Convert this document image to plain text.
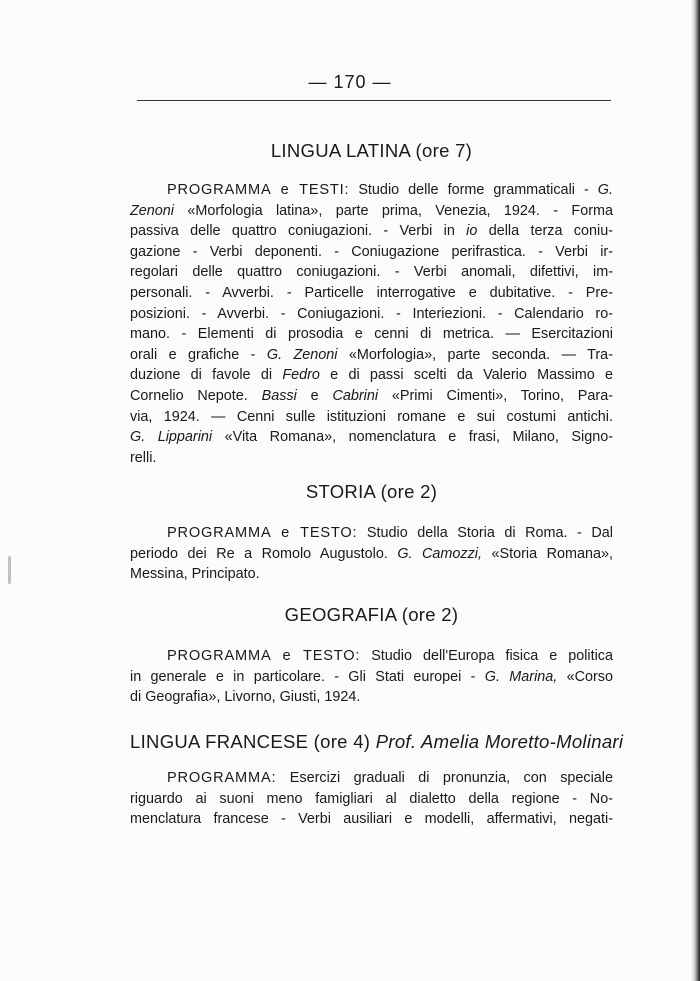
— 170 —
LINGUA LATINA (ore 7)
PROGRAMMA e TESTI: Studio delle forme grammaticali - G.
Zenoni «Morfologia latina», parte prima, Venezia, 1924. - Forma
passiva delle quattro coniugazioni. - Verbi in io della terza coniu-
gazione - Verbi deponenti. - Coniugazione perifrastica. - Verbi ir-
regolari delle quattro coniugazioni. - Verbi anomali, difettivi, im-
personali. - Avverbi. - Particelle interrogative e dubitative. - Pre-
posizioni. - Avverbi. - Coniugazioni. - Interiezioni. - Calendario ro-
mano. - Elementi di prosodia e cenni di metrica. — Esercitazioni
orali e grafiche - G. Zenoni «Morfologia», parte seconda. — Tra-
duzione di favole di Fedro e di passi scelti da Valerio Massimo e
Cornelio Nepote. Bassi e Cabrini «Primi Cimenti», Torino, Para-
via, 1924. — Cenni sulle istituzioni romane e sui costumi antichi.
G. Lipparini «Vita Romana», nomenclatura e frasi, Milano, Signo-
relli.
STORIA (ore 2)
PROGRAMMA e TESTO: Studio della Storia di Roma. - Dal
periodo dei Re a Romolo Augustolo. G. Camozzi, «Storia Romana»,
Messina, Principato.
GEOGRAFIA (ore 2)
PROGRAMMA e TESTO: Studio dell'Europa fisica e politica
in generale e in particolare. - Gli Stati europei - G. Marina, «Corso
di Geografia», Livorno, Giusti, 1924.
LINGUA FRANCESE (ore 4) Prof. Amelia Moretto-Molinari
PROGRAMMA: Esercizi graduali di pronunzia, con speciale
riguardo ai suoni meno famigliari al dialetto della regione - No-
menclatura francese - Verbi ausiliari e modelli, affermativi, negati-
